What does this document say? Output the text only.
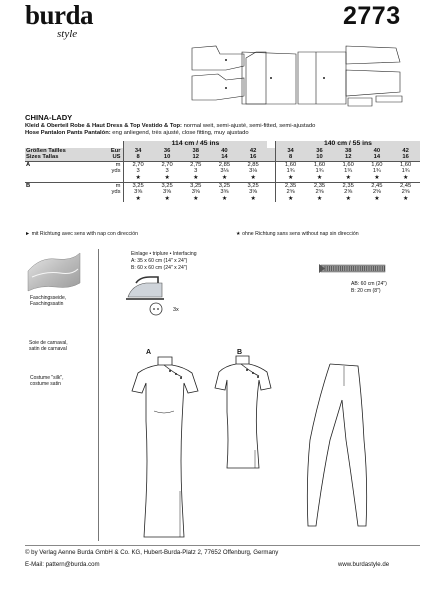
burda
style
2773
CHINA-LADY
Kleid & Oberteil Robe & Haut Dress & Top Vestido & Top: normal weit, semi-ajusté, semi-fitted, semi-ajustado
Hose Pantalon Pants Pantalón: eng anliegend, très ajusté, close fitting, muy ajustado
		114 cm / 45 ins						140 cm / 55 ins				
Größen Tailles	Eur	34	36	38	40	42		34	36	38	40	42
Sizes Tallas	US	8	10	12	14	16		8	10	12	14	16
A	m	2,70	2,70	2,75	2,85	2,85		1,60	1,60	1,60	1,60	1,60
	yds	3	3	3	3⅛	3⅛		1¾	1¾	1¾	1¾	1¾
		★	★	★	★	★		★	★	★	★	★
B	m	3,25	3,25	3,25	3,25	3,25		2,35	2,35	2,35	2,45	2,45
	yds	3⅝	3⅝	3⅝	3⅝	3⅝		2⅝	2⅝	2⅝	2⅝	2⅝
		★	★	★	★	★		★	★	★	★	★
► mit Richtung avec sens with nap con dirección	★ ohne Richtung sans sens without nap sin dirección
Faschingsseide,
Faschingssatin
Soie de carnaval,
satin de carnaval
Costume "silk",
costume satin
Einlage • triplure • Interfacing
A: 35 x 60 cm (14" x 24")
B: 60 x 60 cm (24" x 24")
3x
AB: 60 cm (24")
B: 20 cm (8")
A	B
© by Verlag Aenne Burda GmbH & Co. KG, Hubert-Burda-Platz 2, 77652 Offenburg, Germany
E-Mail: pattern@burda.com	www.burdastyle.de
